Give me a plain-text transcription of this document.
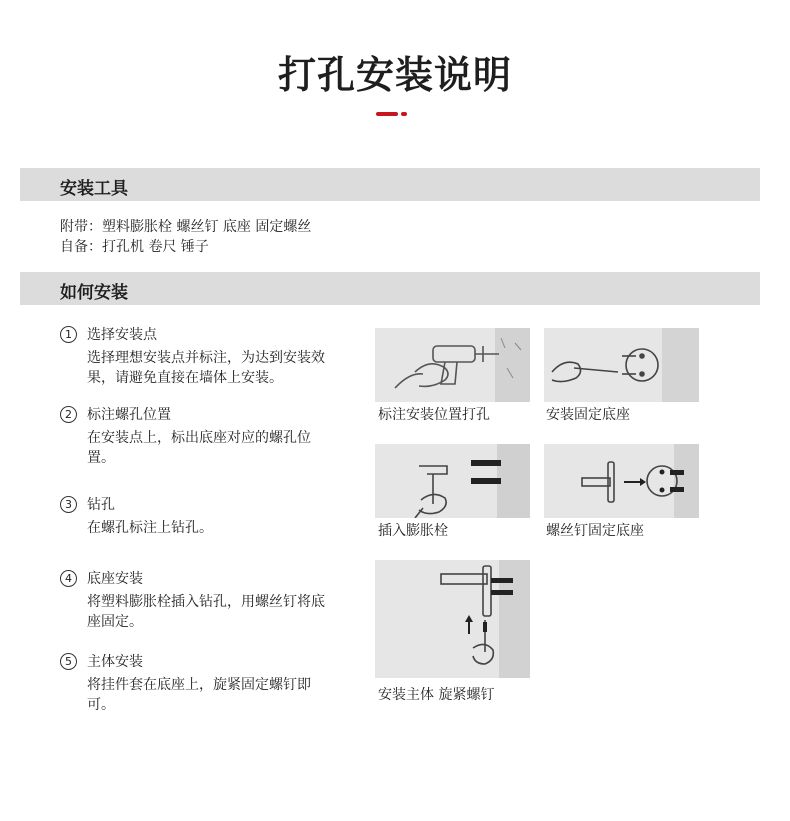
打孔安装说明
安装工具
附带：塑料膨胀栓 螺丝钉 底座 固定螺丝
自备：打孔机 卷尺 锤子
如何安装
1 选择安装点
选择理想安装点并标注，为达到安装效果，请避免直接在墙体上安装。
2 标注螺孔位置
在安装点上，标出底座对应的螺孔位置。
3 钻孔
在螺孔标注上钻孔。
4 底座安装
将塑料膨胀栓插入钻孔，用螺丝钉将底座固定。
5 主体安装
将挂件套在底座上，旋紧固定螺钉即可。
标注安装位置打孔	安装固定底座
插入膨胀栓	螺丝钉固定底座
安装主体 旋紧螺钉
